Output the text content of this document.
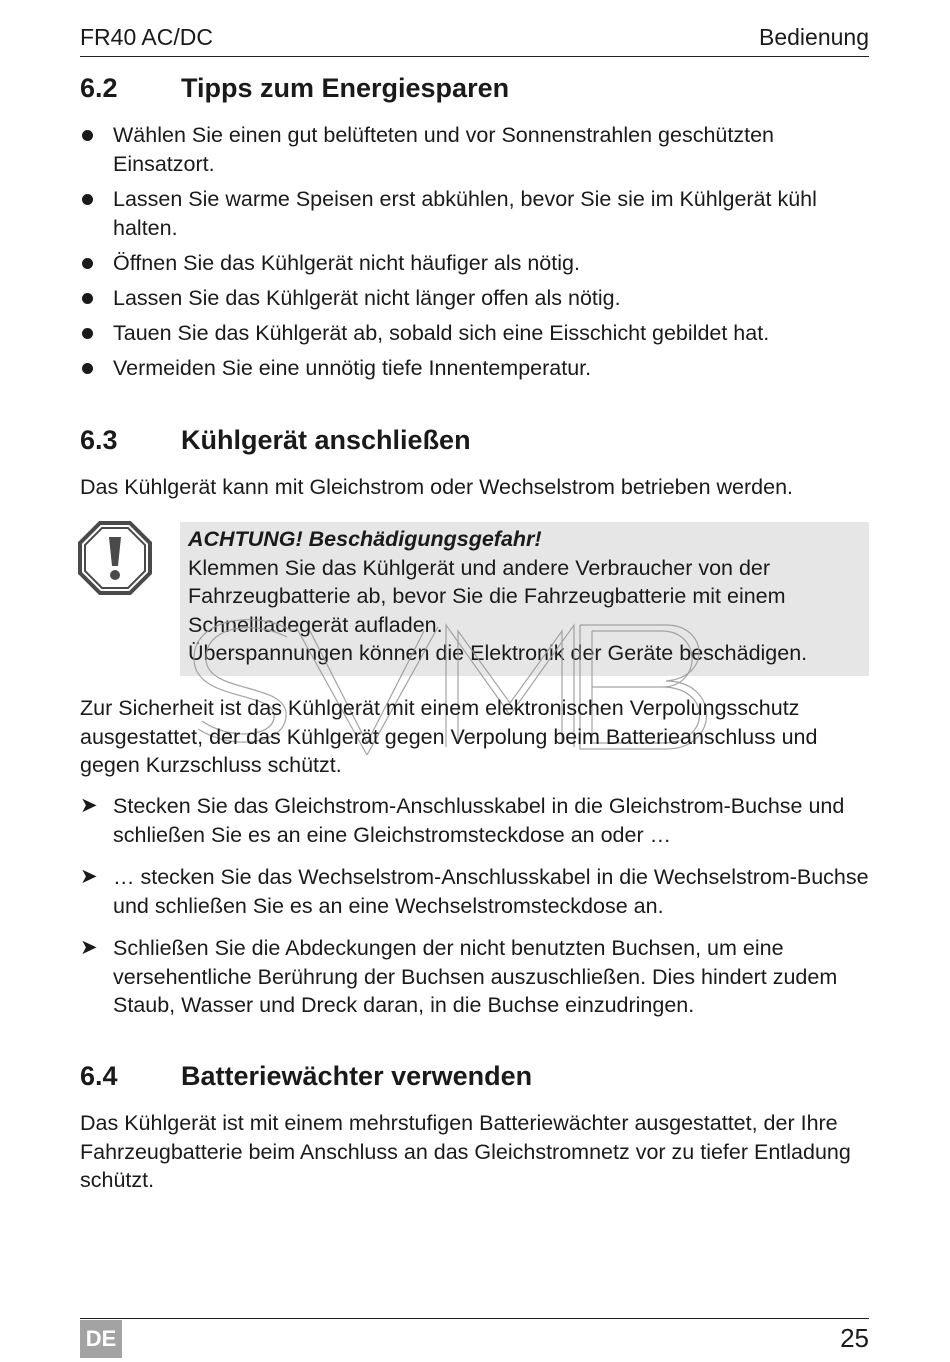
FR40 AC/DC	Bedienung
6.2 Tipps zum Energiesparen
Wählen Sie einen gut belüfteten und vor Sonnenstrahlen geschützten Einsatzort.
Lassen Sie warme Speisen erst abkühlen, bevor Sie sie im Kühlgerät kühl halten.
Öffnen Sie das Kühlgerät nicht häufiger als nötig.
Lassen Sie das Kühlgerät nicht länger offen als nötig.
Tauen Sie das Kühlgerät ab, sobald sich eine Eisschicht gebildet hat.
Vermeiden Sie eine unnötig tiefe Innentemperatur.
6.3 Kühlgerät anschließen
Das Kühlgerät kann mit Gleichstrom oder Wechselstrom betrieben werden.
ACHTUNG! Beschädigungsgefahr!
Klemmen Sie das Kühlgerät und andere Verbraucher von der
Fahrzeugbatterie ab, bevor Sie die Fahrzeugbatterie mit einem
Schnellladegerät aufladen.
Überspannungen können die Elektronik der Geräte beschädigen.
Zur Sicherheit ist das Kühlgerät mit einem elektronischen Verpolungsschutz ausgestattet, der das Kühlgerät gegen Verpolung beim Batterieanschluss und gegen Kurzschluss schützt.
➤ Stecken Sie das Gleichstrom-Anschlusskabel in die Gleichstrom-Buchse und schließen Sie es an eine Gleichstromsteckdose an oder …
➤ … stecken Sie das Wechselstrom-Anschlusskabel in die Wechselstrom-Buchse und schließen Sie es an eine Wechselstromsteckdose an.
➤ Schließen Sie die Abdeckungen der nicht benutzten Buchsen, um eine versehentliche Berührung der Buchsen auszuschließen. Dies hindert zudem Staub, Wasser und Dreck daran, in die Buchse einzudringen.
6.4 Batteriewächter verwenden
Das Kühlgerät ist mit einem mehrstufigen Batteriewächter ausgestattet, der Ihre Fahrzeugbatterie beim Anschluss an das Gleichstromnetz vor zu tiefer Entladung schützt.
DE	25
